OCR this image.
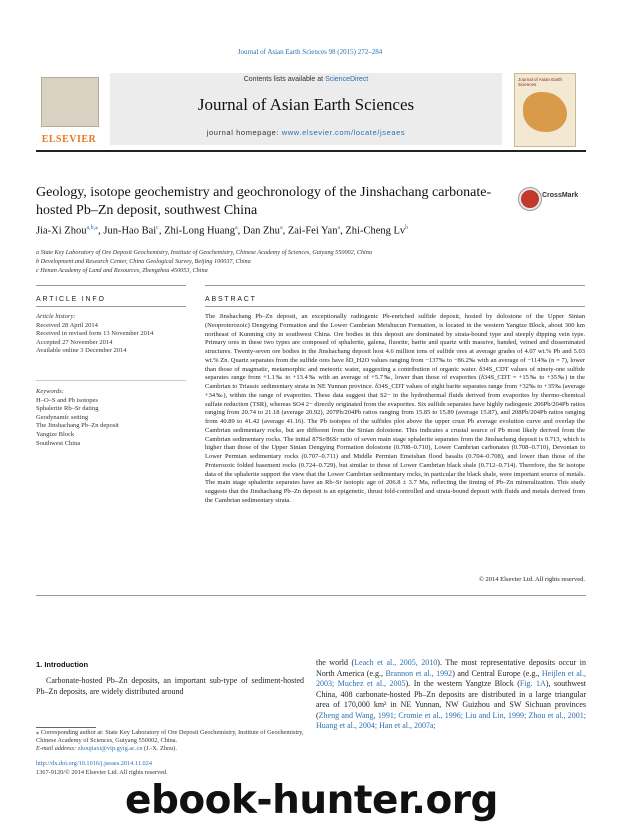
Journal of Asian Earth Sciences 98 (2015) 272–284
ELSEVIER
Contents lists available at ScienceDirect
Journal of Asian Earth Sciences
journal homepage: www.elsevier.com/locate/jseaes
Journal of Asian Earth Sciences
Geology, isotope geochemistry and geochronology of the Jinshachang carbonate-hosted Pb–Zn deposit, southwest China
CrossMark
Jia-Xi Zhou$^{a,b,⁎}$, Jun-Hao Bai$^c$, Zhi-Long Huang$^a$, Dan Zhu$^a$, Zai-Fei Yan$^a$, Zhi-Cheng Lv$^b$
a State Key Laboratory of Ore Deposit Geochemistry, Institute of Geochemistry, Chinese Academy of Sciences, Guiyang 550002, China
b Development and Research Center, China Geological Survey, Beijing 100037, China
c Henan Academy of Land and Resources, Zhengzhou 450053, China
ARTICLE INFO	ABSTRACT
Article history:
Received 28 April 2014
Received in revised form 13 November 2014
Accepted 27 November 2014
Available online 3 December 2014
Keywords:
H–O–S and Pb isotopes
Sphalerite Rb–Sr dating
Geodynamic setting
The Jinshachang Pb–Zn deposit
Yangtze Block
Southwest China
The Jinshachang Pb–Zn deposit, an exceptionally radiogenic Pb-enriched sulfide deposit, hosted by dolostone of the Upper Sinian (Neoproterozoic) Dengying Formation and the Lower Cambrian Meishucun Formation, is located in the western Yangtze Block, about 300 km northeast of Kunming city in southwest China. Ore bodies in this deposit are dominated by strata-bound type and steeply dipping vein type. Primary ores in these two types are composed of sphalerite, galena, fluorite, barite and quartz with massive, banded, veined and disseminated structures. Twenty-seven ore bodies in the Jinshachang deposit host 4.6 million tons of sulfide ores at average grades of 4.07 wt.% Pb and 5.03 wt.% Zn. Quartz separates from the sulfide ores have δD_H2O values ranging from −137‰ to −86.2‰ with an average of −114‰ (n = 7), lower than those of magmatic, metamorphic and meteoric water, suggesting a contribution of organic water. δ34S_CDT values of ninety-one sulfide separates range from +1.1‰ to +13.4‰ with an average of +5.7‰, lower than those of evaporites (δ34S_CDT = +15‰ to +35‰) in the Cambrian to Triassic sedimentary strata in NE Yunnan province. δ34S_CDT values of eight barite separates range from +32‰ to +35‰ (average +34‰), within the range of evaporites. These data suggest that S2− in the hydrothermal fluids derived from evaporites by thermo-chemical sulfate reduction (TSR), whereas SO4 2− directly originated from the evaporites. Six sulfide separates have highly radiogenic 206Pb/204Pb ratios ranging from 20.74 to 21.18 (average 20.92), 207Pb/204Pb ratios ranging from 15.85 to 15.89 (average 15.87), and 208Pb/204Pb ratios ranging from 40.89 to 41.42 (average 41.16). The Pb isotopes of the sulfides plot above the upper crust Pb average evolution curve and overlap the Cambrian sedimentary rocks, but are different from the Sinian dolostone. This indicates a crustal source of Pb most likely derived from the Cambrian sedimentary rocks. The initial 87Sr/86Sr ratio of seven main stage sphalerite separates from the Jinshachang deposit is 0.713, which is higher than those of the Upper Sinian Dengying Formation dolostone (0.708–0.710), Lower Cambrian carbonates (0.708–0.710), Devonian to Lower Permian sedimentary rocks (0.707–0.711) and Middle Permian Emeishan flood basalts (0.704–0.708), and lower than those of the Proterozoic folded basement rocks (0.724–0.729), but similar to those of Lower Cambrian black shale (0.712–0.714). Therefore, the Sr isotope data of the sphalerite support the view that the Lower Cambrian sedimentary rocks, in particular the black shale, were important source of metals. The main stage sphalerite separates have an Rb–Sr isotopic age of 206.8 ± 3.7 Ma, reflecting the timing of Pb–Zn mineralization. This study suggests that the Jinshachang Pb–Zn deposit is an epigenetic, thrust fold-controlled and strata-bound deposit with fluids and metals derived from the Cambrian sedimentary strata.
© 2014 Elsevier Ltd. All rights reserved.
1. Introduction
Carbonate-hosted Pb–Zn deposits, an important sub-type of sediment-hosted Pb–Zn deposits, are widely distributed around
the world (Leach et al., 2005, 2010). The most representative deposits occur in North America (e.g., Brannon et al., 1992) and Central Europe (e.g., Heijlen et al., 2003; Muchez et al., 2005). In the western Yangtze Block (Fig. 1A), southwest China, 408 carbonate-hosted Pb–Zn deposits are distributed in a large triangular area of 170,000 km² in NE Yunnan, NW Guizhou and SW Sichuan provinces (Zheng and Wang, 1991; Cromie et al., 1996; Liu and Lin, 1999; Zhou et al., 2001; Huang et al., 2004; Han et al., 2007a;
⁎ Corresponding author at: State Key Laboratory of Ore Deposit Geochemistry, Institute of Geochemistry, Chinese Academy of Sciences, Guiyang 550002, China.
E-mail address: zhoujiaxi@vip.gyig.ac.cn (J.-X. Zhou).
http://dx.doi.org/10.1016/j.jseaes.2014.11.024
1367-9120/© 2014 Elsevier Ltd. All rights reserved.
ebook-hunter.org
